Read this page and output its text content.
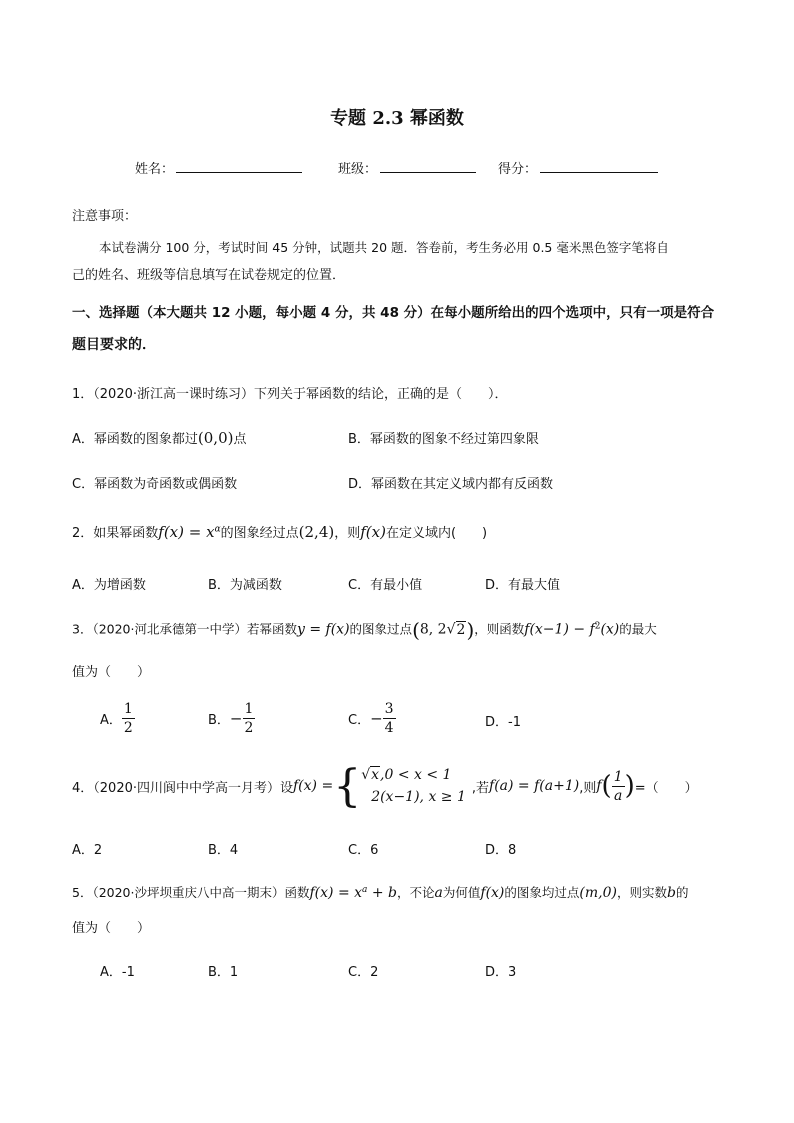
专题 2.3 幂函数
姓名：	班级：	得分：
注意事项：
本试卷满分 100 分，考试时间 45 分钟，试题共 20 题．答卷前，考生务必用 0.5 毫米黑色签字笔将自
己的姓名、班级等信息填写在试卷规定的位置．
一、选择题（本大题共 12 小题，每小题 4 分，共 48 分）在每小题所给出的四个选项中，只有一项是符合
题目要求的．
1．（2020·浙江高一课时练习）下列关于幂函数的结论，正确的是（　　）．
A．幂函数的图象都过(0,0)点	B．幂函数的图象不经过第四象限
C．幂函数为奇函数或偶函数	D．幂函数在其定义域内都有反函数
2．如果幂函数$f(x) = x^\alpha$的图象经过点(2,4)，则f(x)在定义域内(　　)
A．为增函数	B．为减函数	C．有最小值	D．有最大值
3．（2020·河北承德第一中学）若幂函数y = f(x)的图象过点(8, 2√2)，则函数$f(x-1) - f^2(x)$的最大
值为（　　）
A． $\frac{1}{2}$	B．− $\frac{1}{2}$	C．− $\frac{3}{4}$	D．-1
4．（2020·四川阆中中学高一月考）设 f(x) = { √x,0 < x < 1
2(x−1), x ≥ 1
,若 f(a) = f(a+1) ,则 f ( $\frac{1}{a}$ ) =（　　）
A．2	B．4	C．6	D．8
5．（2020·沙坪坝重庆八中高一期末）函数$f(x) = x^a + b$，不论a为何值f(x)的图象均过点(m,0)，则实数b的
值为（　　）
A．-1	B．1	C．2	D．3
